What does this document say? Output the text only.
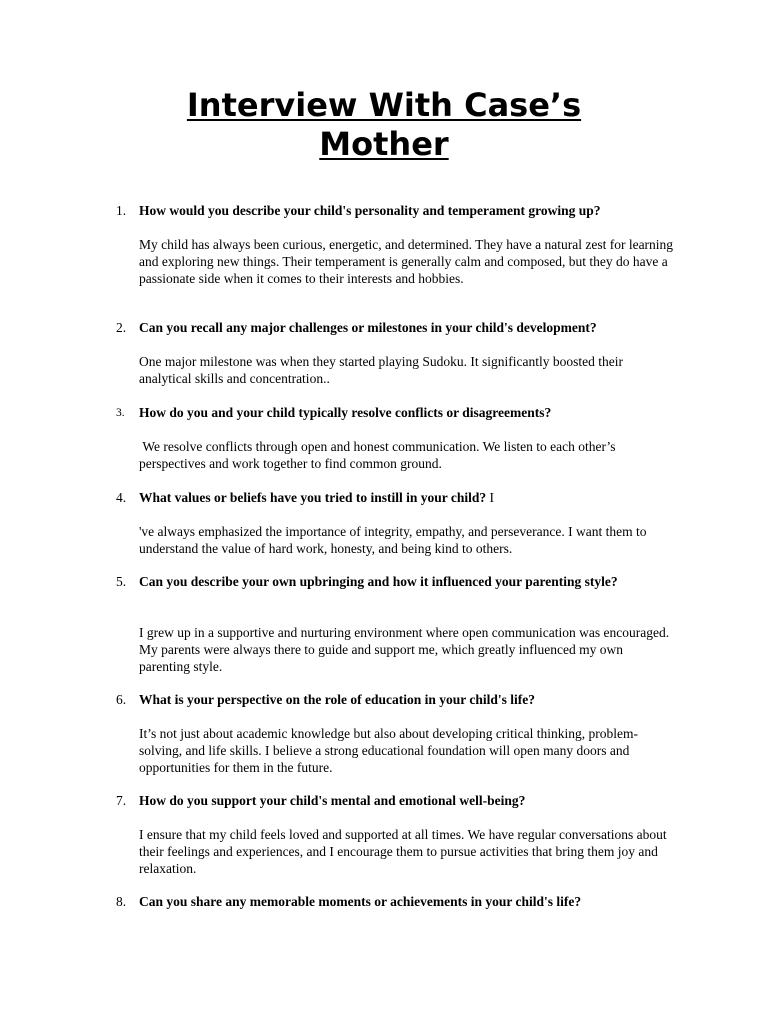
Interview With Case’s Mother
1. How would you describe your child's personality and temperament growing up?

My child has always been curious, energetic, and determined. They have a natural zest for learning and exploring new things. Their temperament is generally calm and composed, but they do have a passionate side when it comes to their interests and hobbies.

2. Can you recall any major challenges or milestones in your child's development?

One major milestone was when they started playing Sudoku. It significantly boosted their analytical skills and concentration..

3. How do you and your child typically resolve conflicts or disagreements?

We resolve conflicts through open and honest communication. We listen to each other’s perspectives and work together to find common ground.

4. What values or beliefs have you tried to instill in your child? I

've always emphasized the importance of integrity, empathy, and perseverance. I want them to understand the value of hard work, honesty, and being kind to others.

5. Can you describe your own upbringing and how it influenced your parenting style?

I grew up in a supportive and nurturing environment where open communication was encouraged. My parents were always there to guide and support me, which greatly influenced my own parenting style.

6. What is your perspective on the role of education in your child's life?

It’s not just about academic knowledge but also about developing critical thinking, problem-solving, and life skills. I believe a strong educational foundation will open many doors and opportunities for them in the future.

7. How do you support your child's mental and emotional well-being?

I ensure that my child feels loved and supported at all times. We have regular conversations about their feelings and experiences, and I encourage them to pursue activities that bring them joy and relaxation.

8. Can you share any memorable moments or achievements in your child's life?
